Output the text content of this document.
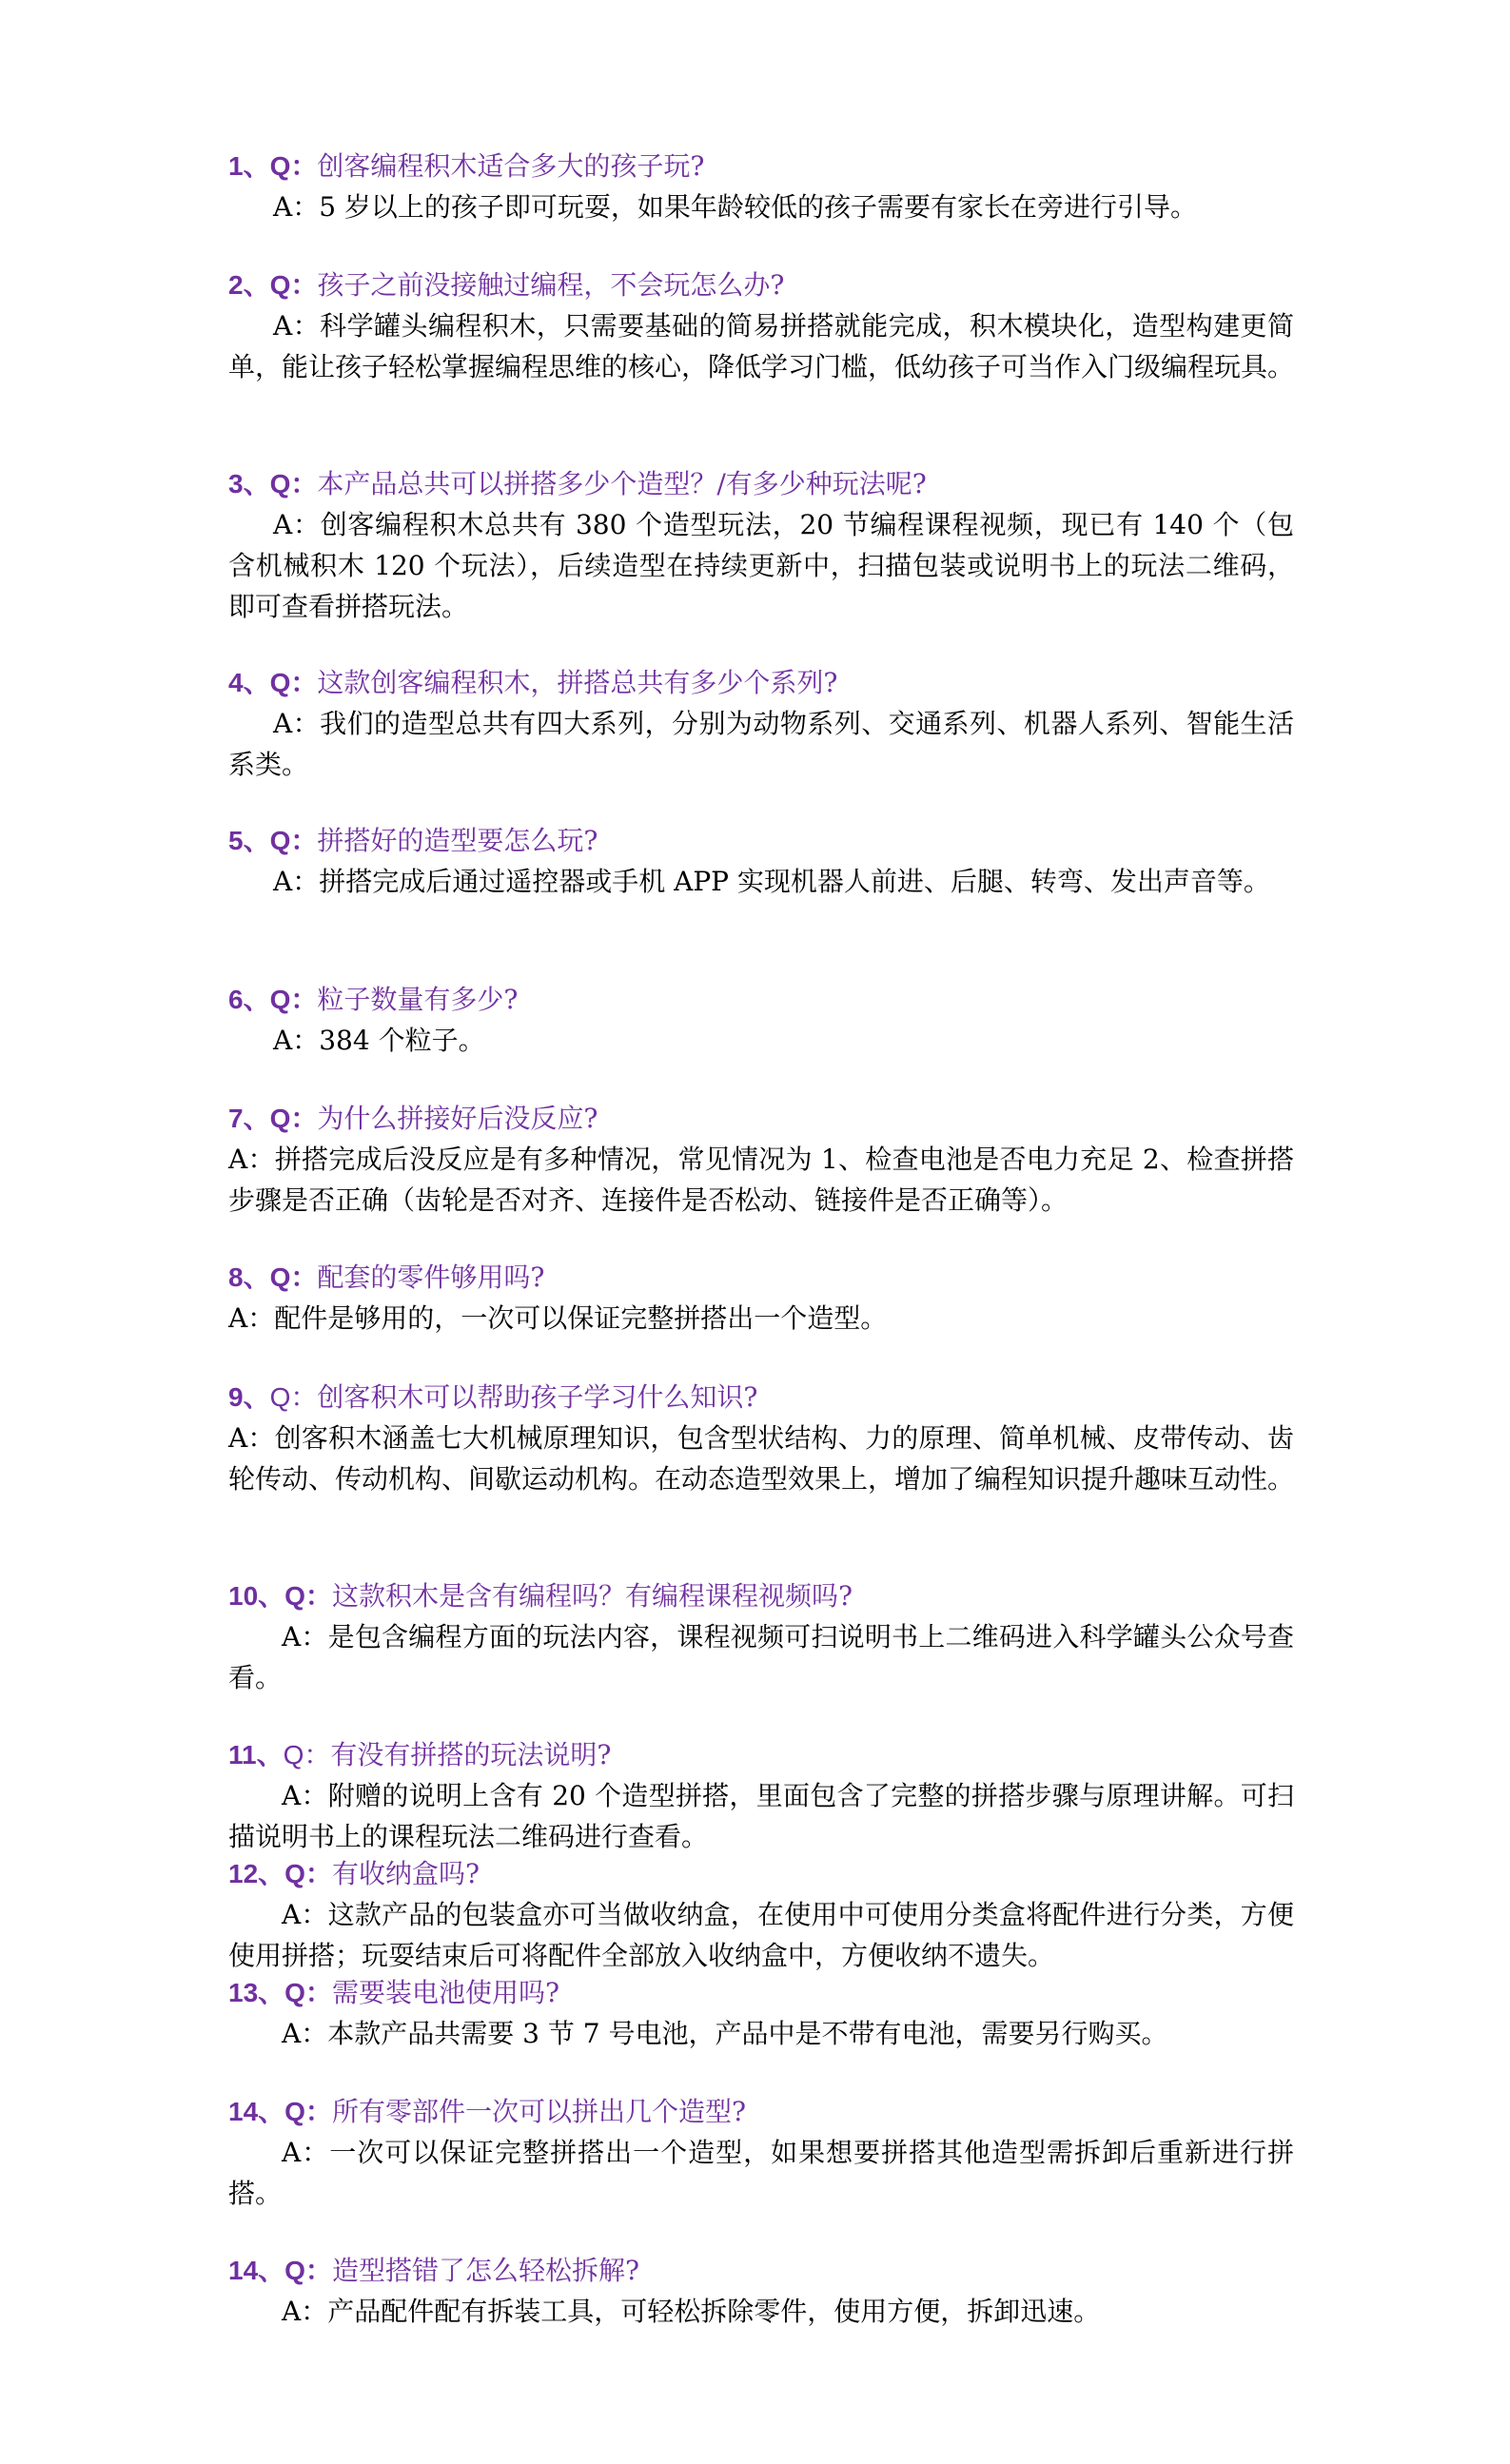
1、Q：创客编程积木适合多大的孩子玩?

A：5 岁以上的孩子即可玩耍，如果年龄较低的孩子需要有家长在旁进行引导。

2、Q：孩子之前没接触过编程，不会玩怎么办?

A：科学罐头编程积木，只需要基础的简易拼搭就能完成，积木模块化，造型构建更简单，能让孩子轻松掌握编程思维的核心，降低学习门槛，低幼孩子可当作入门级编程玩具。

3、Q：本产品总共可以拼搭多少个造型？/有多少种玩法呢?

A：创客编程积木总共有 380 个造型玩法，20 节编程课程视频，现已有 140 个（包含机械积木 120 个玩法），后续造型在持续更新中，扫描包装或说明书上的玩法二维码，即可查看拼搭玩法。

4、Q：这款创客编程积木，拼搭总共有多少个系列?

A：我们的造型总共有四大系列，分别为动物系列、交通系列、机器人系列、智能生活系类。

5、Q：拼搭好的造型要怎么玩?

A：拼搭完成后通过遥控器或手机 APP 实现机器人前进、后腿、转弯、发出声音等。

6、Q：粒子数量有多少?

A：384 个粒子。

7、Q：为什么拼接好后没反应?

A：拼搭完成后没反应是有多种情况，常见情况为 1、检查电池是否电力充足 2、检查拼搭步骤是否正确（齿轮是否对齐、连接件是否松动、链接件是否正确等）。

8、Q：配套的零件够用吗?

A：配件是够用的，一次可以保证完整拼搭出一个造型。

9、Q：创客积木可以帮助孩子学习什么知识?

A：创客积木涵盖七大机械原理知识，包含型状结构、力的原理、简单机械、皮带传动、齿轮传动、传动机构、间歇运动机构。在动态造型效果上，增加了编程知识提升趣味互动性。

10、Q：这款积木是含有编程吗？有编程课程视频吗?

A：是包含编程方面的玩法内容，课程视频可扫说明书上二维码进入科学罐头公众号查看。

11、Q：有没有拼搭的玩法说明?

A：附赠的说明上含有 20 个造型拼搭，里面包含了完整的拼搭步骤与原理讲解。可扫描说明书上的课程玩法二维码进行查看。

12、Q：有收纳盒吗?

A：这款产品的包装盒亦可当做收纳盒，在使用中可使用分类盒将配件进行分类，方便使用拼搭；玩耍结束后可将配件全部放入收纳盒中，方便收纳不遗失。

13、Q：需要装电池使用吗?

A：本款产品共需要 3 节 7 号电池，产品中是不带有电池，需要另行购买。

14、Q：所有零部件一次可以拼出几个造型?

A：一次可以保证完整拼搭出一个造型，如果想要拼搭其他造型需拆卸后重新进行拼搭。

14、Q：造型搭错了怎么轻松拆解?

A：产品配件配有拆装工具，可轻松拆除零件，使用方便，拆卸迅速。
